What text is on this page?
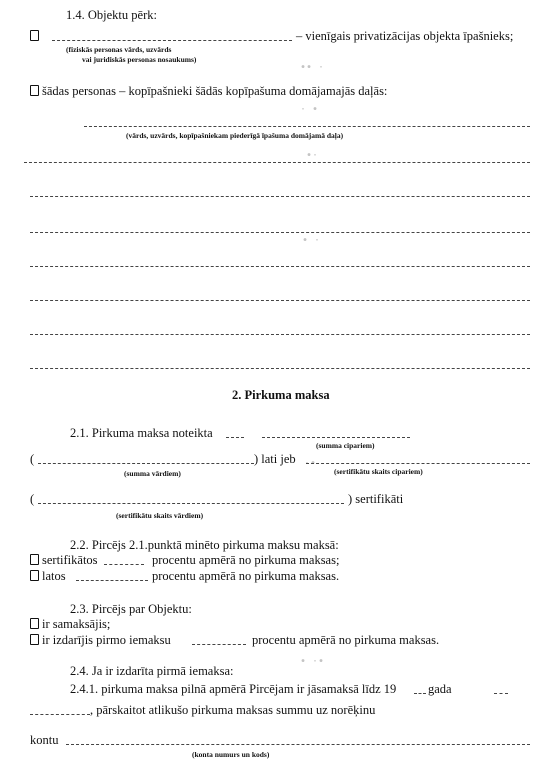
∙∙ ·
· ∙
∙·
∙ ·
·∙
∙ ·∙
1.4. Objektu pērk:
– vienīgais privatizācijas objekta īpašnieks;
(fiziskās personas vārds, uzvārds
vai juridiskās personas nosaukums)
šādas personas – kopīpašnieki šādās kopīpašuma domājamajās daļās:
(vārds, uzvārds, kopīpašniekam piederīgā īpašuma domājamā daļa)
2. Pirkuma maksa
2.1. Pirkuma maksa noteikta
(summa cipariem)
(	) lati jeb
(summa vārdiem)	(sertifikātu skaits cipariem)
(	) sertifikāti
(sertifikātu skaits vārdiem)
2.2. Pircējs 2.1.punktā minēto pirkuma maksu maksā:
sertifikātos	procentu apmērā no pirkuma maksas;
latos	procentu apmērā no pirkuma maksas.
2.3. Pircējs par Objektu:
ir samaksājis;
ir izdarījis pirmo iemaksu	procentu apmērā no pirkuma maksas.
2.4. Ja ir izdarīta pirmā iemaksa:
2.4.1. pirkuma maksa pilnā apmērā Pircējam ir jāsamaksā līdz 19	gada
, pārskaitot atlikušo pirkuma maksas summu uz norēķinu
kontu
(konta numurs un kods)
